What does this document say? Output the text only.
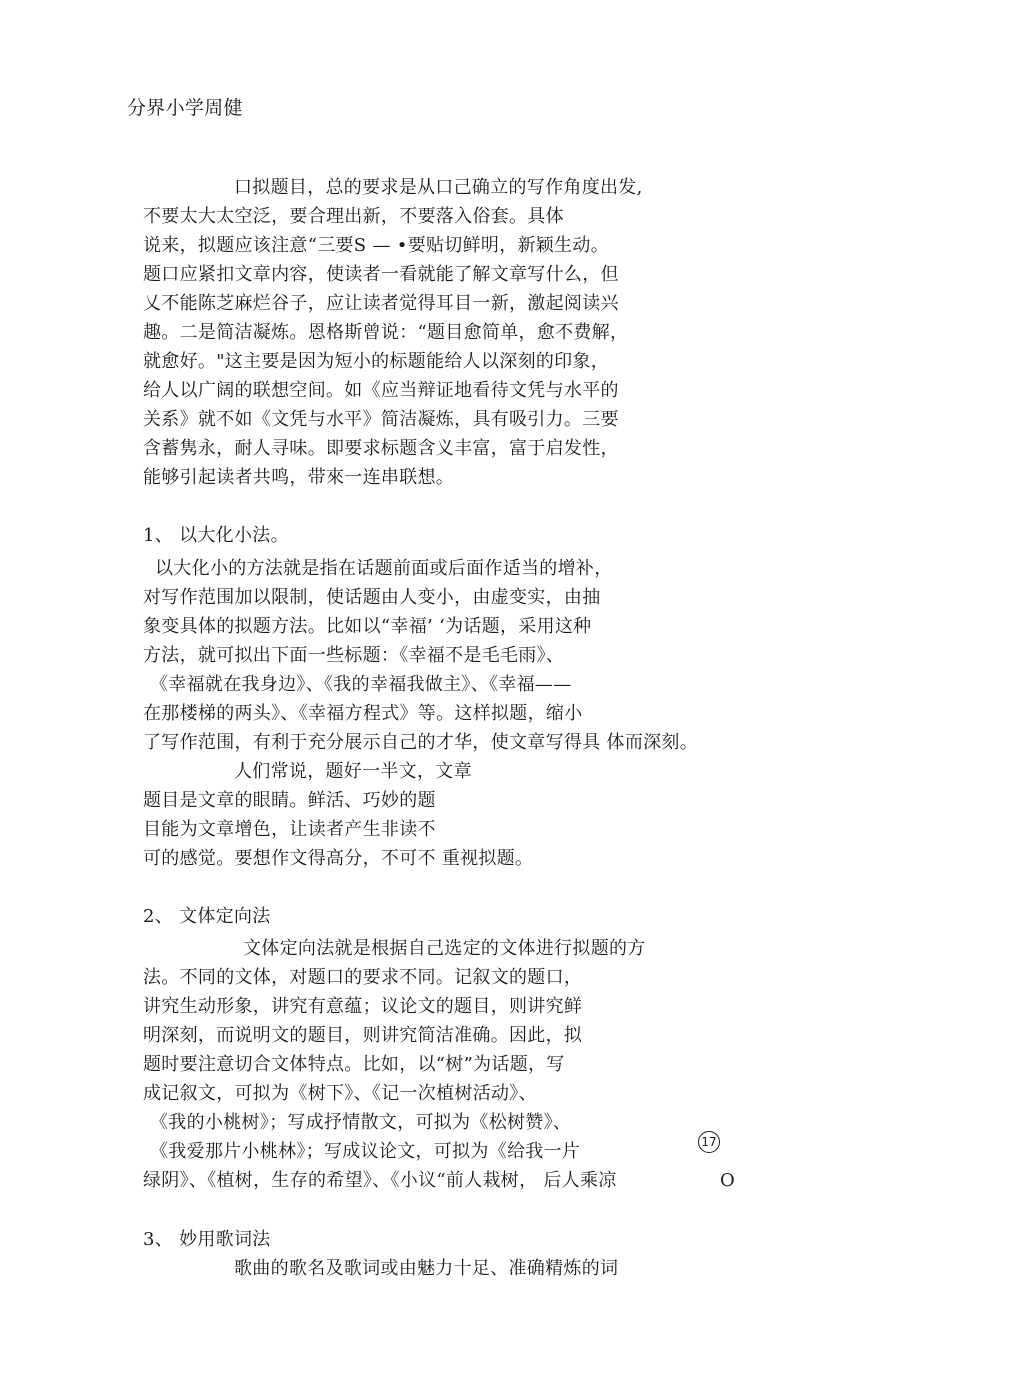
分界小学周健
口拟题目，总的要求是从口己确立的写作角度出发,
不要太大太空泛，要合理出新，不要落入俗套。具体
说来，拟题应该注意“三要S — •要贴切鲜明，新颖生动。
题口应紧扣文章内容，使读者一看就能了解文章写什么，但
乂不能陈芝麻烂谷子，应让读者觉得耳目一新，激起阅读兴
趣。二是简洁凝炼。恩格斯曾说：“题目愈简单，愈不费解，
就愈好。"这主要是因为短小的标题能给人以深刻的印象，
给人以广阔的联想空间。如《应当辩证地看待文凭与水平的
关系》就不如《文凭与水平》简洁凝炼，具有吸引力。三要
含蓄隽永，耐人寻味。即要求标题含义丰富，富于启发性，
能够引起读者共鸣，带來一连串联想。
1、 以大化小法。
以大化小的方法就是指在话题前面或后面作适当的增补，
对写作范围加以限制，使话题由人变小，由虚变实，由抽
象变具体的拟题方法。比如以“幸福’ ‘为话题，采用这种
方法，就可拟出下面一些标题：《幸福不是毛毛雨》、
《幸福就在我身边》、《我的幸福我做主》、《幸福——
在那楼梯的两头》、《幸福方程式》等。这样拟题，缩小
了写作范围，有利于充分展示自己的才华，使文章写得具 体而深刻。
人们常说，题好一半文，文章
题目是文章的眼睛。鲜活、巧妙的题
目能为文章增色，让读者产生非读不
可的感觉。要想作文得高分，不可不 重视拟题。
2、 文体定向法
文体定向法就是根据自己选定的文体进行拟题的方
法。不同的文体，对题口的要求不同。记叙文的题口，
讲究生动形象，讲究有意蕴；议论文的题目，则讲究鲜
明深刻，而说明文的题目，则讲究简洁准确。因此，拟
题时要注意切合文体特点。比如，以“树”为话题，写
成记叙文，可拟为《树下》、《记一次植树活动》、
《我的小桃树》；写成抒情散文，可拟为《松树赞》、
《我爱那片小桃林》；写成议论文，可拟为《给我一片
绿阴》、《植树，生存的希望》、《小议“前人栽树， 后人乘凉
17
O
3、 妙用歌词法
歌曲的歌名及歌词或由魅力十足、准确精炼的词
